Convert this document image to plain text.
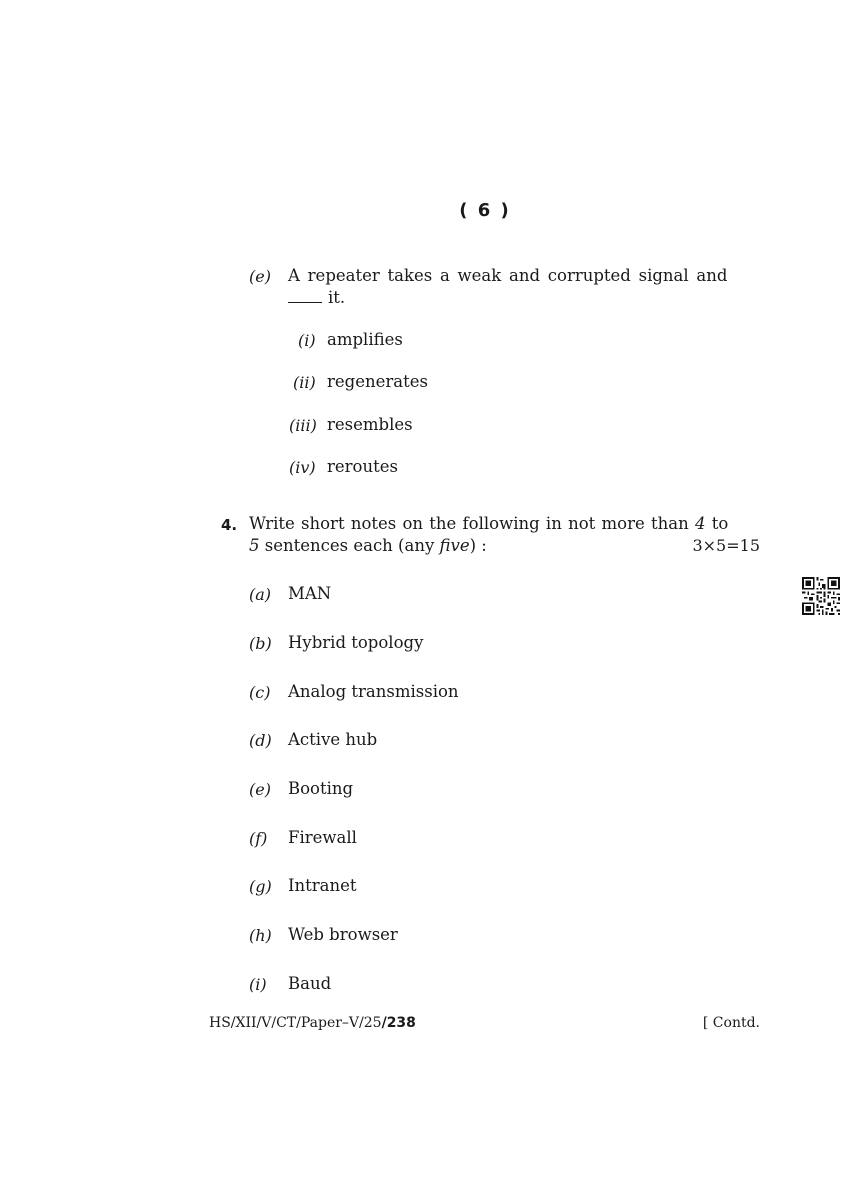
( 6 )
(e) A repeater takes a weak and corrupted signal and
it.
(i) amplifies
(ii) regenerates
(iii) resembles
(iv) reroutes
4. Write short notes on the following in not more than 4 to
5 sentences each (any five) :	3×5=15
(a) MAN
(b) Hybrid topology
(c) Analog transmission
(d) Active hub
(e) Booting
(f) Firewall
(g) Intranet
(h) Web browser
(i) Baud
HS/XII/V/CT/Paper–V/25/238	[ Contd.
